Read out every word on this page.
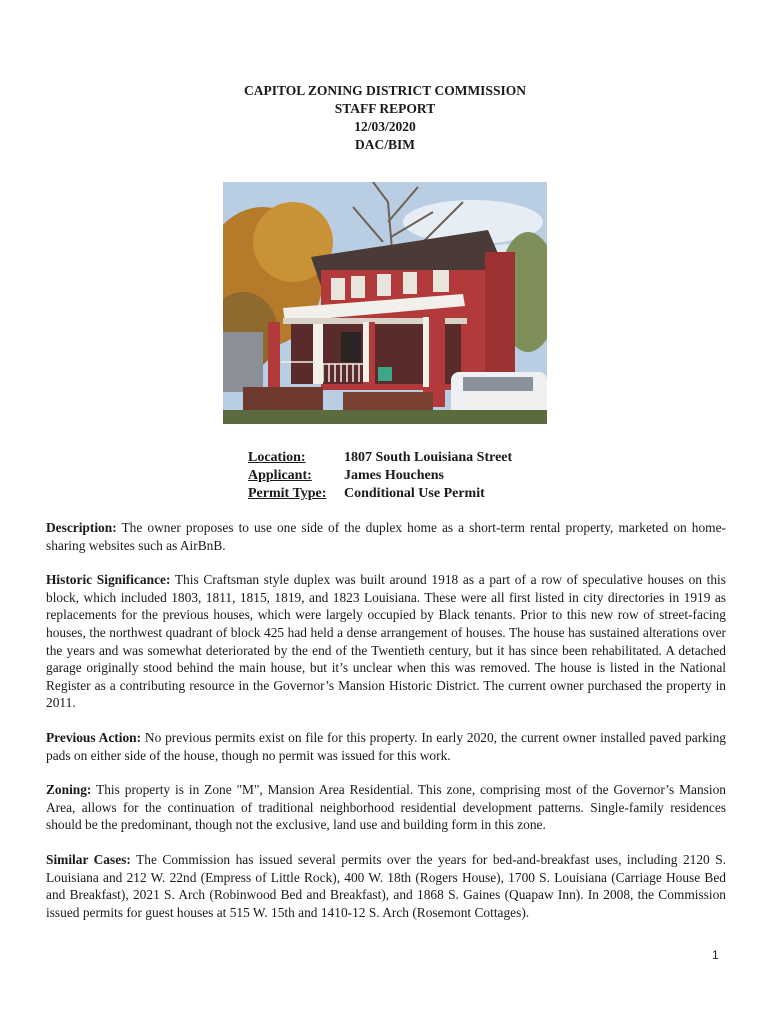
CAPITOL ZONING DISTRICT COMMISSION
STAFF REPORT
12/03/2020
DAC/BIM
Location:	1807 South Louisiana Street
Applicant:	James Houchens
Permit Type:	Conditional Use Permit

Description: The owner proposes to use one side of the duplex home as a short-term rental property, marketed on home-sharing websites such as AirBnB.

Historic Significance: This Craftsman style duplex was built around 1918 as a part of a row of speculative houses on this block, which included 1803, 1811, 1815, 1819, and 1823 Louisiana. These were all first listed in city directories in 1919 as replacements for the previous houses, which were largely occupied by Black tenants. Prior to this new row of street-facing houses, the northwest quadrant of block 425 had held a dense arrangement of houses. The house has sustained alterations over the years and was somewhat deteriorated by the end of the Twentieth century, but it has since been rehabilitated. A detached garage originally stood behind the main house, but it’s unclear when this was removed. The house is listed in the National Register as a contributing resource in the Governor’s Mansion Historic District. The current owner purchased the property in 2011.

Previous Action: No previous permits exist on file for this property. In early 2020, the current owner installed paved parking pads on either side of the house, though no permit was issued for this work.

Zoning: This property is in Zone "M", Mansion Area Residential. This zone, comprising most of the Governor’s Mansion Area, allows for the continuation of traditional neighborhood residential development patterns. Single-family residences should be the predominant, though not the exclusive, land use and building form in this zone.

Similar Cases: The Commission has issued several permits over the years for bed-and-breakfast uses, including 2120 S. Louisiana and 212 W. 22nd (Empress of Little Rock), 400 W. 18th (Rogers House), 1700 S. Louisiana (Carriage House Bed and Breakfast), 2021 S. Arch (Robinwood Bed and Breakfast), and 1868 S. Gaines (Quapaw Inn). In 2008, the Commission issued permits for guest houses at 515 W. 15th and 1410-12 S. Arch (Rosemont Cottages).

1
